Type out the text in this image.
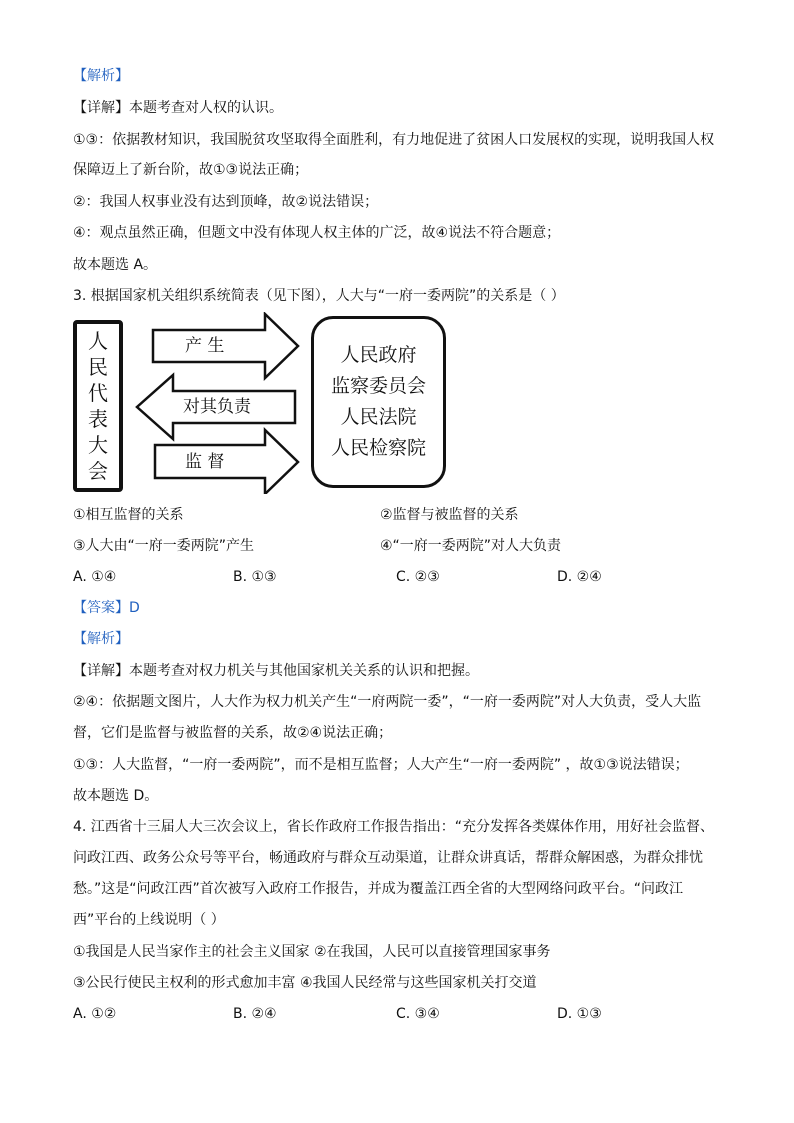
【解析】
【详解】本题考查对人权的认识。
①③：依据教材知识，我国脱贫攻坚取得全面胜利，有力地促进了贫困人口发展权的实现，说明我国人权
保障迈上了新台阶，故①③说法正确；
②：我国人权事业没有达到顶峰，故②说法错误；
④：观点虽然正确，但题文中没有体现人权主体的广泛，故④说法不符合题意；
故本题选 A。
3. 根据国家机关组织系统简表（见下图），人大与“一府一委两院”的关系是（ ）
人
民
代
表
大
会
产 生
对其负责
监 督
人民政府
监察委员会
人民法院
人民检察院
①相互监督的关系	②监督与被监督的关系
③人大由“一府一委两院”产生	④“一府一委两院”对人大负责
A. ①④	B. ①③	C. ②③	D. ②④
【答案】D
【解析】
【详解】本题考查对权力机关与其他国家机关关系的认识和把握。
②④：依据题文图片，人大作为权力机关产生“一府两院一委”，“一府一委两院”对人大负责，受人大监
督，它们是监督与被监督的关系，故②④说法正确；
①③：人大监督，“一府一委两院”，而不是相互监督；人大产生“一府一委两院” ，故①③说法错误；
故本题选 D。
4. 江西省十三届人大三次会议上，省长作政府工作报告指出：“充分发挥各类媒体作用，用好社会监督、
问政江西、政务公众号等平台，畅通政府与群众互动渠道，让群众讲真话，帮群众解困惑，为群众排忧
愁。”这是“问政江西”首次被写入政府工作报告，并成为覆盖江西全省的大型网络问政平台。“问政江
西”平台的上线说明（ ）
①我国是人民当家作主的社会主义国家 ②在我国，人民可以直接管理国家事务
③公民行使民主权利的形式愈加丰富 ④我国人民经常与这些国家机关打交道
A. ①②	B. ②④	C. ③④	D. ①③
